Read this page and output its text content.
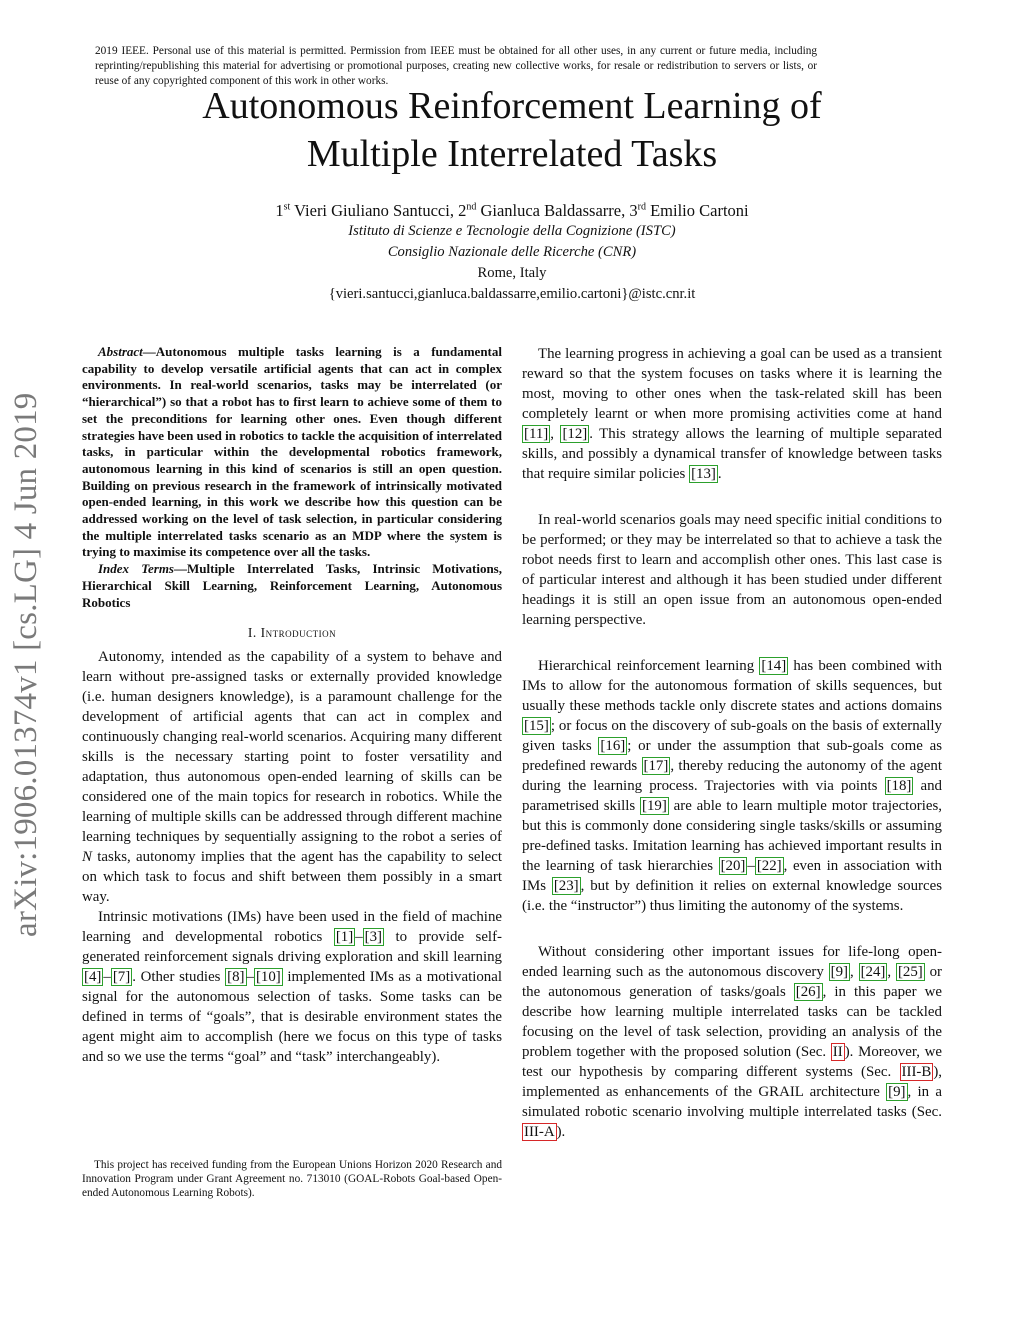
2019 IEEE. Personal use of this material is permitted. Permission from IEEE must be obtained for all other uses, in any current or future media, including reprinting/republishing this material for advertising or promotional purposes, creating new collective works, for resale or redistribution to servers or lists, or reuse of any copyrighted component of this work in other works.
Autonomous Reinforcement Learning of
Multiple Interrelated Tasks
1st Vieri Giuliano Santucci, 2nd Gianluca Baldassarre, 3rd Emilio Cartoni
Istituto di Scienze e Tecnologie della Cognizione (ISTC)
Consiglio Nazionale delle Ricerche (CNR)
Rome, Italy
{vieri.santucci,gianluca.baldassarre,emilio.cartoni}@istc.cnr.it
arXiv:1906.01374v1 [cs.LG] 4 Jun 2019

Abstract—Autonomous multiple tasks learning is a fundamental capability to develop versatile artificial agents that can act in complex environments. In real-world scenarios, tasks may be interrelated (or “hierarchical”) so that a robot has to first learn to achieve some of them to set the preconditions for learning other ones. Even though different strategies have been used in robotics to tackle the acquisition of interrelated tasks, in particular within the developmental robotics framework, autonomous learning in this kind of scenarios is still an open question. Building on previous research in the framework of intrinsically motivated open-ended learning, in this work we describe how this question can be addressed working on the level of task selection, in particular considering the multiple interrelated tasks scenario as an MDP where the system is trying to maximise its competence over all the tasks.

Index Terms—Multiple Interrelated Tasks, Intrinsic Motivations, Hierarchical Skill Learning, Reinforcement Learning, Autonomous Robotics

I. Introduction

Autonomy, intended as the capability of a system to behave and learn without pre-assigned tasks or externally provided knowledge (i.e. human designers knowledge), is a paramount challenge for the development of artificial agents that can act in complex and continuously changing real-world scenarios. Acquiring many different skills is the necessary starting point to foster versatility and adaptation, thus autonomous open-ended learning of skills can be considered one of the main topics for research in robotics. While the learning of multiple skills can be addressed through different machine learning techniques by sequentially assigning to the robot a series of N tasks, autonomy implies that the agent has the capability to select on which task to focus and shift between them possibly in a smart way.

Intrinsic motivations (IMs) have been used in the field of machine learning and developmental robotics [1] – [3] to provide self-generated reinforcement signals driving exploration and skill learning [4] – [7] . Other studies [8] – [10] implemented IMs as a motivational signal for the autonomous selection of tasks. Some tasks can be defined in terms of “goals”, that is desirable environment states the agent might aim to accomplish (here we focus on this type of tasks and so we use the terms “goal” and “task” interchangeably).

This project has received funding from the European Unions Horizon 2020 Research and Innovation Program under Grant Agreement no. 713010 (GOAL-Robots Goal-based Open-ended Autonomous Learning Robots).

The learning progress in achieving a goal can be used as a transient reward so that the system focuses on tasks where it is learning the most, moving to other ones when the task-related skill has been completely learnt or when more promising activities come at hand [11] , [12] . This strategy allows the learning of multiple separated skills, and possibly a dynamical transfer of knowledge between tasks that require similar policies [13] .

In real-world scenarios goals may need specific initial conditions to be performed; or they may be interrelated so that to achieve a task the robot needs first to learn and accomplish other ones. This last case is of particular interest and although it has been studied under different headings it is still an open issue from an autonomous open-ended learning perspective.

Hierarchical reinforcement learning [14] has been combined with IMs to allow for the autonomous formation of skills sequences, but usually these methods tackle only discrete states and actions domains [15] ; or focus on the discovery of sub-goals on the basis of externally given tasks [16] ; or under the assumption that sub-goals come as predefined rewards [17] , thereby reducing the autonomy of the agent during the learning process. Trajectories with via points [18] and parametrised skills [19] are able to learn multiple motor trajectories, but this is commonly done considering single tasks/skills or assuming pre-defined tasks. Imitation learning has achieved important results in the learning of task hierarchies [20] – [22] , even in association with IMs [23] , but by definition it relies on external knowledge sources (i.e. the “instructor”) thus limiting the autonomy of the systems.

Without considering other important issues for life-long open-ended learning such as the autonomous discovery [9] , [24] , [25] or the autonomous generation of tasks/goals [26] , in this paper we describe how learning multiple interrelated tasks can be tackled focusing on the level of task selection, providing an analysis of the problem together with the proposed solution (Sec. II ). Moreover, we test our hypothesis by comparing different systems (Sec. III-B ), implemented as enhancements of the GRAIL architecture [9] , in a simulated robotic scenario involving multiple interrelated tasks (Sec. III-A ).
